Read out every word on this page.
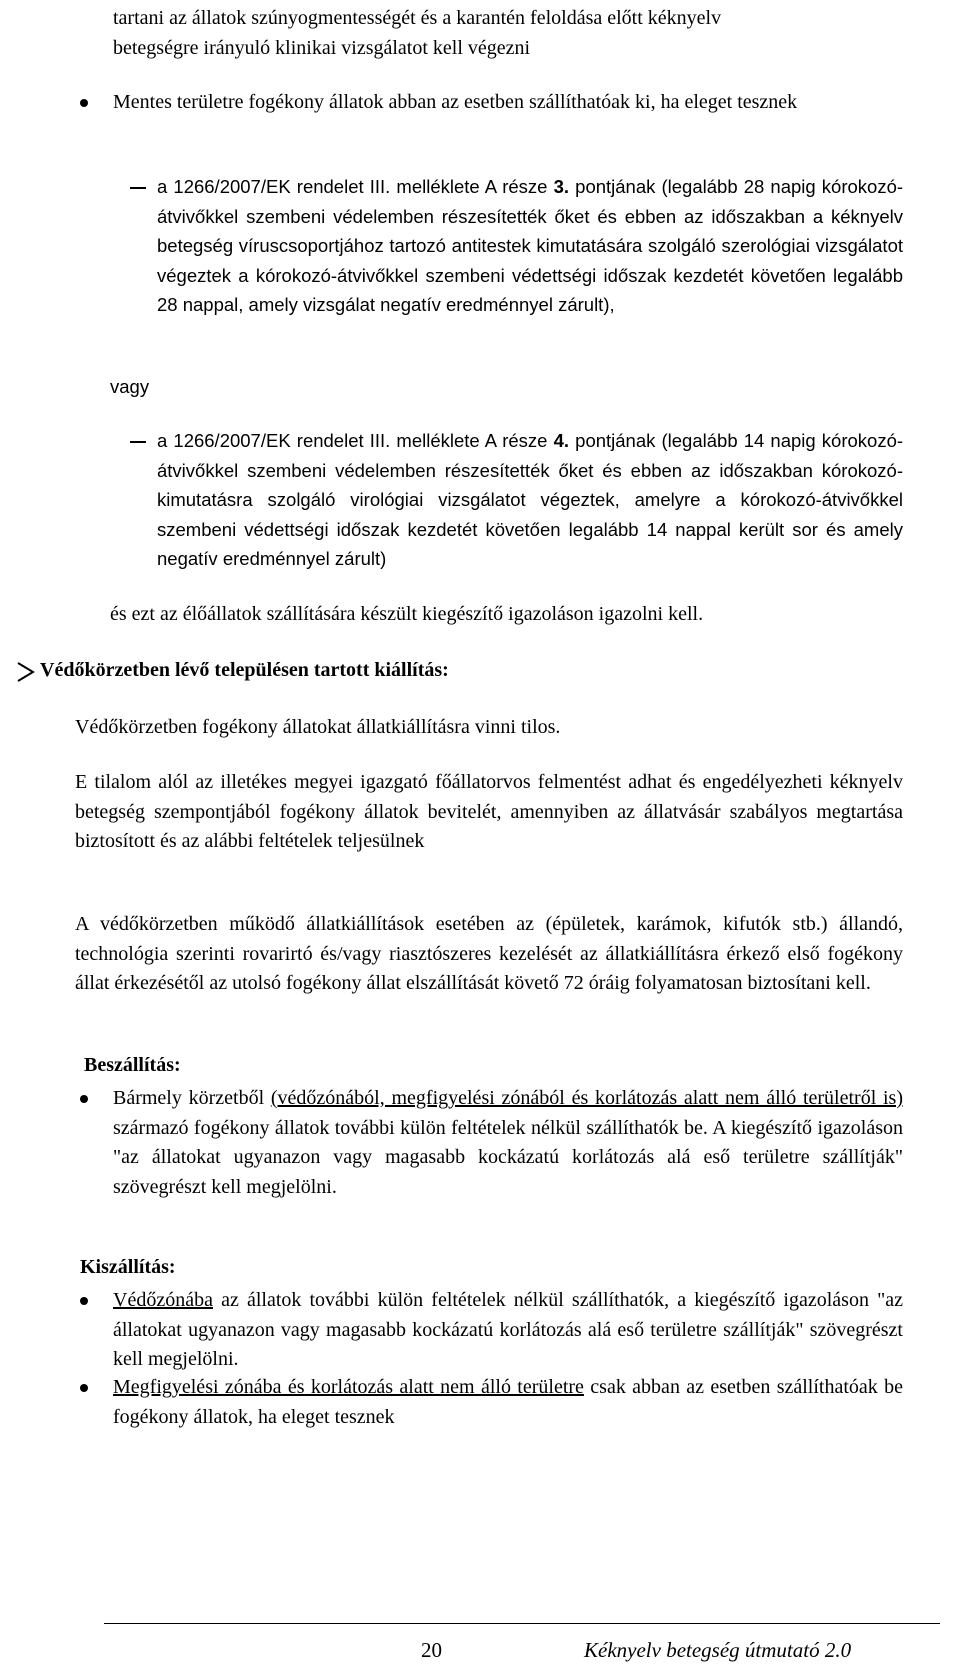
tartani az állatok szúnyogmentességét és a karantén feloldása előtt kéknyelv
betegségre irányuló klinikai vizsgálatot kell végezni
Mentes területre fogékony állatok abban az esetben szállíthatóak ki, ha eleget tesznek
a 1266/2007/EK rendelet III. melléklete A része 3. pontjának (legalább 28 napig kórokozó-átvivőkkel szembeni védelemben részesítették őket és ebben az időszakban a kéknyelv betegség víruscsoportjához tartozó antitestek kimutatására szolgáló szerológiai vizsgálatot végeztek a kórokozó-átvivőkkel szembeni védettségi időszak kezdetét követően legalább 28 nappal, amely vizsgálat negatív eredménnyel zárult),
vagy
a 1266/2007/EK rendelet III. melléklete A része 4. pontjának (legalább 14 napig kórokozó-átvivőkkel szembeni védelemben részesítették őket és ebben az időszakban kórokozó-kimutatásra szolgáló virológiai vizsgálatot végeztek, amelyre a kórokozó-átvivőkkel szembeni védettségi időszak kezdetét követően legalább 14 nappal került sor és amely negatív eredménnyel zárult)
és ezt az élőállatok szállítására készült kiegészítő igazoláson igazolni kell.
Védőkörzetben lévő településen tartott kiállítás:
Védőkörzetben fogékony állatokat állatkiállításra vinni tilos.
E tilalom alól az illetékes megyei igazgató főállatorvos felmentést adhat és engedélyezheti kéknyelv betegség szempontjából fogékony állatok bevitelét, amennyiben az állatvásár szabályos megtartása biztosított és az alábbi feltételek teljesülnek
A védőkörzetben működő állatkiállítások esetében az (épületek, karámok, kifutók stb.) állandó, technológia szerinti rovarirtó és/vagy riasztószeres kezelését az állatkiállításra érkező első fogékony állat érkezésétől az utolsó fogékony állat elszállítását követő 72 óráig folyamatosan biztosítani kell.
Beszállítás:
Bármely körzetből (védőzónából, megfigyelési zónából és korlátozás alatt nem álló területről is) származó fogékony állatok további külön feltételek nélkül szállíthatók be. A kiegészítő igazoláson "az állatokat ugyanazon vagy magasabb kockázatú korlátozás alá eső területre szállítják" szövegrészt kell megjelölni.
Kiszállítás:
Védőzónába az állatok további külön feltételek nélkül szállíthatók, a kiegészítő igazoláson "az állatokat ugyanazon vagy magasabb kockázatú korlátozás alá eső területre szállítják" szövegrészt kell megjelölni.
Megfigyelési zónába és korlátozás alatt nem álló területre csak abban az esetben szállíthatóak be fogékony állatok, ha eleget tesznek
20	Kéknyelv betegség útmutató 2.0
